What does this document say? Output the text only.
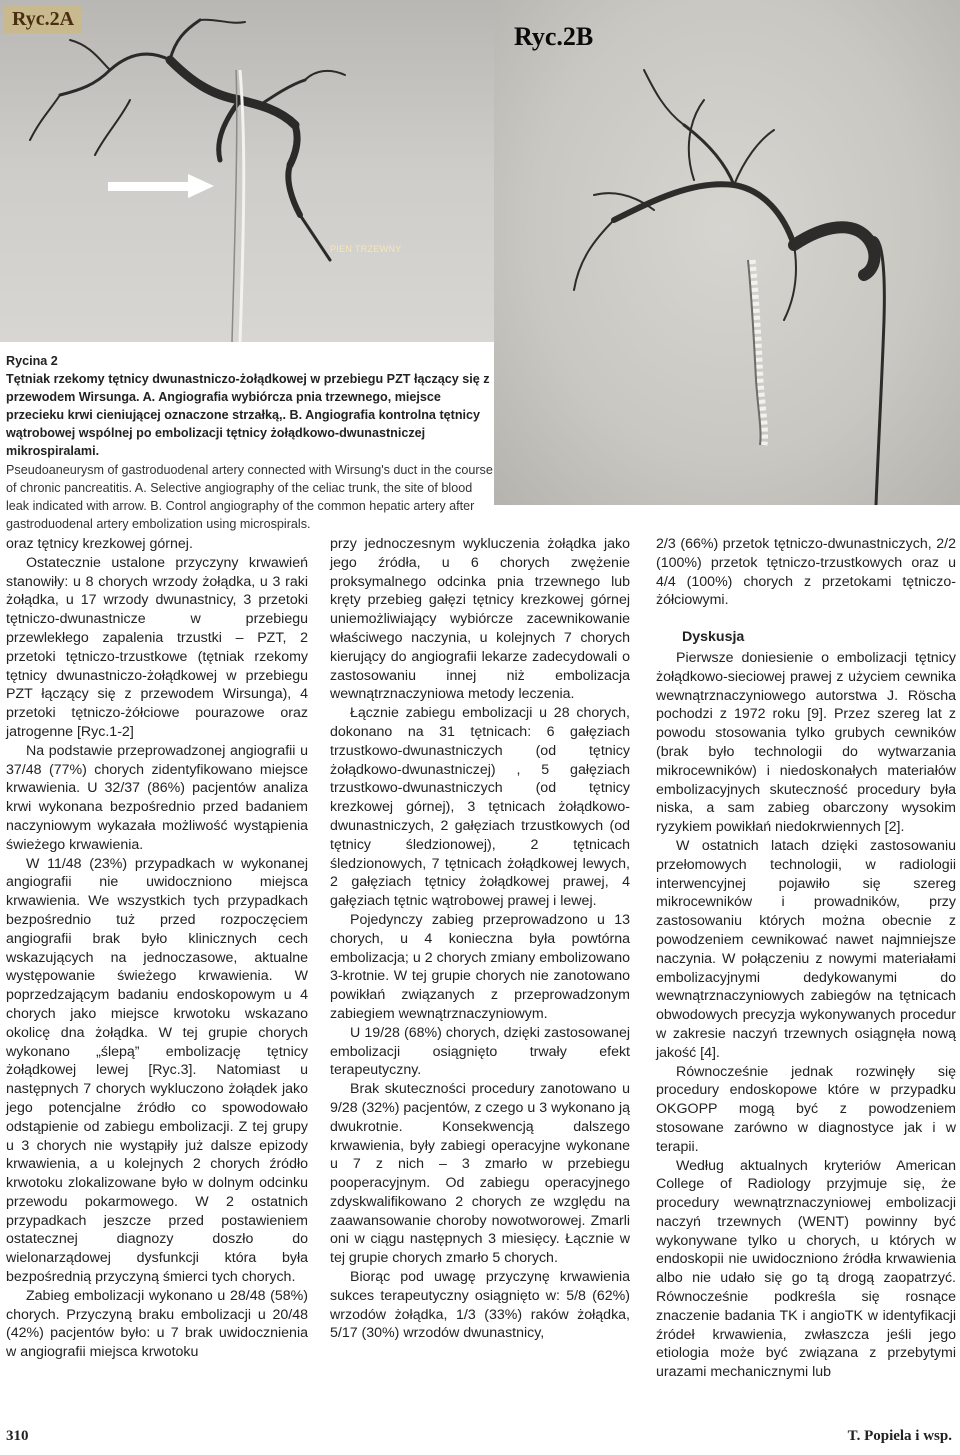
Ryc.2A
PIEN TRZEWNY
Ryc.2B

Rycina 2

Tętniak rzekomy tętnicy dwunastniczo-żołądkowej w przebiegu PZT łączący się z przewodem Wirsunga. A. Angiografia wybiórcza pnia trzewnego, miejsce przecieku krwi cieniującej oznaczone strzałką,. B. Angiografia kontrolna tętnicy wątrobowej wspólnej po embolizacji tętnicy żołądkowo-dwunastniczej mikrospiralami.

Pseudoaneurysm of gastroduodenal artery connected with Wirsung's duct in the course of chronic pancreatitis. A. Selective angiography of the celiac trunk, the site of blood leak indicated with arrow. B. Control angiography of the common hepatic artery after gastroduodenal artery embolization using microspirals.

oraz tętnicy krezkowej górnej.

Ostatecznie ustalone przyczyny krwawień stanowiły: u 8 chorych wrzody żołądka, u 3 raki żołądka, u 17 wrzody dwunastnicy, 3 przetoki tętniczo-dwunastnicze w przebiegu przewlekłego zapalenia trzustki – PZT, 2 przetoki tętniczo-trzustkowe (tętniak rzekomy tętnicy dwunastniczo-żołądkowej w przebiegu PZT łączący się z przewodem Wirsunga), 4 przetoki tętniczo-żółciowe pourazowe oraz jatrogenne [Ryc.1-2]

Na podstawie przeprowadzonej angiografii u 37/48 (77%) chorych zidentyfikowano miejsce krwawienia. U 32/37 (86%) pacjentów analiza krwi wykonana bezpośrednio przed badaniem naczyniowym wykazała możliwość wystąpienia świeżego krwawienia.

W 11/48 (23%) przypadkach w wykonanej angiografii nie uwidoczniono miejsca krwawienia. We wszystkich tych przypadkach bezpośrednio tuż przed rozpoczęciem angiografii brak było klinicznych cech wskazujących na jednoczasowe, aktualne występowanie świeżego krwawienia. W poprzedzającym badaniu endoskopowym u 4 chorych jako miejsce krwotoku wskazano okolicę dna żołądka. W tej grupie chorych wykonano „ślepą” embolizację tętnicy żołądkowej lewej [Ryc.3]. Natomiast u następnych 7 chorych wykluczono żołądek jako jego potencjalne źródło co spowodowało odstąpienie od zabiegu embolizacji. Z tej grupy u 3 chorych nie wystąpiły już dalsze epizody krwawienia, a u kolejnych 2 chorych źródło krwotoku zlokalizowane było w dolnym odcinku przewodu pokarmowego. W 2 ostatnich przypadkach jeszcze przed postawieniem ostatecznej diagnozy doszło do wielonarządowej dysfunkcji która była bezpośrednią przyczyną śmierci tych chorych.

Zabieg embolizacji wykonano u 28/48 (58%) chorych. Przyczyną braku embolizacji u 20/48 (42%) pacjentów było: u 7 brak uwidocznienia w angiografii miejsca krwotoku

przy jednoczesnym wykluczenia żołądka jako jego źródła, u 6 chorych zwężenie proksymalnego odcinka pnia trzewnego lub kręty przebieg gałęzi tętnicy krezkowej górnej uniemożliwiający wybiórcze zacewnikowanie właściwego naczynia, u kolejnych 7 chorych kierujący do angiografii lekarze zadecydowali o zastosowaniu innej niż embolizacja wewnątrznaczyniowa metody leczenia.

Łącznie zabiegu embolizacji u 28 chorych, dokonano na 31 tętnicach: 6 gałęziach trzustkowo-dwunastniczych (od tętnicy żołądkowo-dwunastniczej) , 5 gałęziach trzustkowo-dwunastniczych (od tętnicy krezkowej górnej), 3 tętnicach żołądkowo-dwunastniczych, 2 gałęziach trzustkowych (od tętnicy śledzionowej), 2 tętnicach śledzionowych, 7 tętnicach żołądkowej lewych, 2 gałęziach tętnicy żołądkowej prawej, 4 gałęziach tętnic wątrobowej prawej i lewej.

Pojedynczy zabieg przeprowadzono u 13 chorych, u 4 konieczna była powtórna embolizacja; u 2 chorych zmiany embolizowano 3-krotnie. W tej grupie chorych nie zanotowano powikłań związanych z przeprowadzonym zabiegiem wewnątrznaczyniowym.

U 19/28 (68%) chorych, dzięki zastosowanej embolizacji osiągnięto trwały efekt terapeutyczny.

Brak skuteczności procedury zanotowano u 9/28 (32%) pacjentów, z czego u 3 wykonano ją dwukrotnie. Konsekwencją dalszego krwawienia, były zabiegi operacyjne wykonane u 7 z nich – 3 zmarło w przebiegu pooperacyjnym. Od zabiegu operacyjnego zdyskwalifikowano 2 chorych ze względu na zaawansowanie choroby nowotworowej. Zmarli oni w ciągu następnych 3 miesięcy. Łącznie w tej grupie chorych zmarło 5 chorych.

Biorąc pod uwagę przyczynę krwawienia sukces terapeutyczny osiągnięto w: 5/8 (62%) wrzodów żołądka, 1/3 (33%) raków żołądka, 5/17 (30%) wrzodów dwunastnicy,

2/3 (66%) przetok tętniczo-dwunastniczych, 2/2 (100%) przetok tętniczo-trzustkowych oraz u 4/4 (100%) chorych z przetokami tętniczo-żółciowymi.

Dyskusja

Pierwsze doniesienie o embolizacji tętnicy żołądkowo-sieciowej prawej z użyciem cewnika wewnątrznaczyniowego autorstwa J. Röscha pochodzi z 1972 roku [9]. Przez szereg lat z powodu stosowania tylko grubych cewników (brak było technologii do wytwarzania mikrocewników) i niedoskonałych materiałów embolizacyjnych skuteczność procedury była niska, a sam zabieg obarczony wysokim ryzykiem powikłań niedokrwiennych [2].

W ostatnich latach dzięki zastosowaniu przełomowych technologii, w radiologii interwencyjnej pojawiło się szereg mikrocewników i prowadników, przy zastosowaniu których można obecnie z powodzeniem cewnikować nawet najmniejsze naczynia. W połączeniu z nowymi materiałami embolizacyjnymi dedykowanymi do wewnątrznaczyniowych zabiegów na tętnicach obwodowych precyzja wykonywanych procedur w zakresie naczyń trzewnych osiągnęła nową jakość [4].

Równocześnie jednak rozwinęły się procedury endoskopowe które w przypadku OKGOPP mogą być z powodzeniem stosowane zarówno w diagnostyce jak i w terapii.

Według aktualnych kryteriów American College of Radiology przyjmuje się, że procedury wewnątrznaczyniowej embolizacji naczyń trzewnych (WENT) powinny być wykonywane tylko u chorych, u których w endoskopii nie uwidoczniono źródła krwawienia albo nie udało się go tą drogą zaopatrzyć. Równocześnie podkreśla się rosnące znaczenie badania TK i angioTK w identyfikacji źródeł krwawienia, zwłaszcza jeśli jego etiologia może być związana z przebytymi urazami mechanicznymi lub

310	T. Popiela i wsp.
